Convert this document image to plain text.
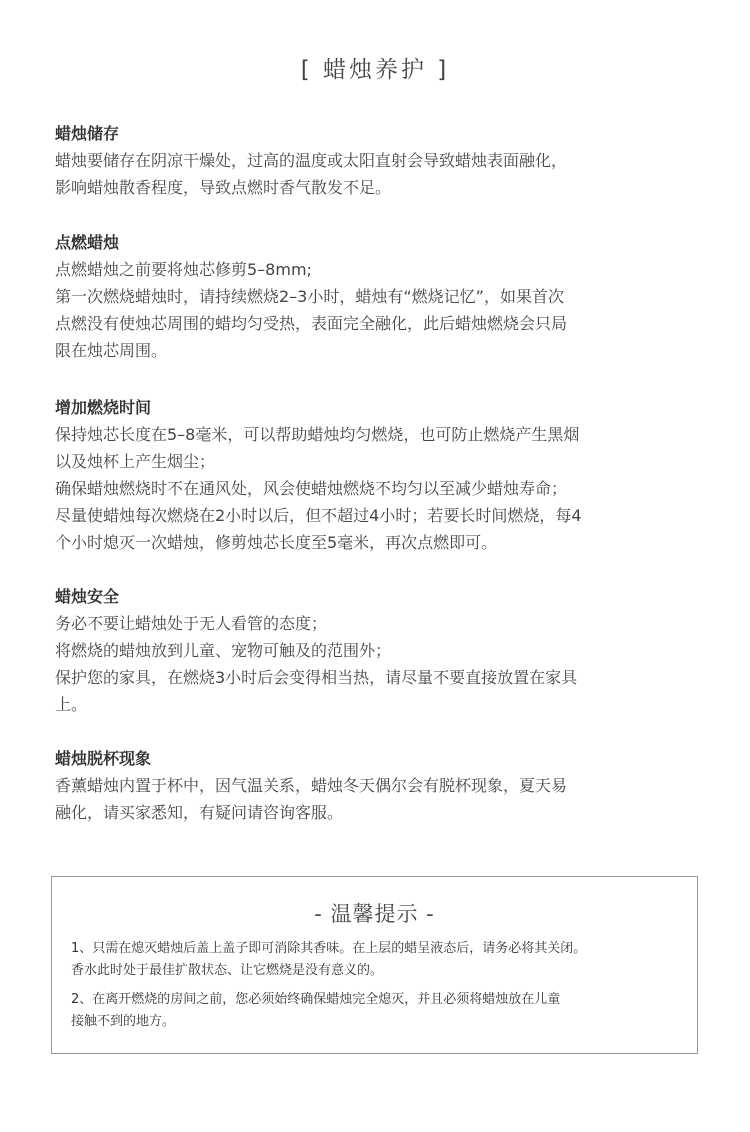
[ 蜡烛养护 ]
蜡烛储存
蜡烛要储存在阴凉干燥处，过高的温度或太阳直射会导致蜡烛表面融化，
影响蜡烛散香程度，导致点燃时香气散发不足。
点燃蜡烛
点燃蜡烛之前要将烛芯修剪5–8mm;
第一次燃烧蜡烛时，请持续燃烧2–3小时，蜡烛有“燃烧记忆”，如果首次
点燃没有使烛芯周围的蜡均匀受热，表面完全融化，此后蜡烛燃烧会只局
限在烛芯周围。
增加燃烧时间
保持烛芯长度在5–8毫米，可以帮助蜡烛均匀燃烧，也可防止燃烧产生黑烟
以及烛杯上产生烟尘；
确保蜡烛燃烧时不在通风处，风会使蜡烛燃烧不均匀以至减少蜡烛寿命；
尽量使蜡烛每次燃烧在2小时以后，但不超过4小时；若要长时间燃烧，每4
个小时熄灭一次蜡烛，修剪烛芯长度至5毫米，再次点燃即可。
蜡烛安全
务必不要让蜡烛处于无人看管的态度；
将燃烧的蜡烛放到儿童、宠物可触及的范围外；
保护您的家具，在燃烧3小时后会变得相当热，请尽量不要直接放置在家具
上。
蜡烛脱杯现象
香薰蜡烛内置于杯中，因气温关系，蜡烛冬天偶尔会有脱杯现象，夏天易
融化，请买家悉知，有疑问请咨询客服。
- 温馨提示 -
1、只需在熄灭蜡烛后盖上盖子即可消除其香味。在上层的蜡呈液态后，请务必将其关闭。
香水此时处于最佳扩散状态、让它燃烧是没有意义的。
2、在离开燃烧的房间之前，您必须始终确保蜡烛完全熄灭，并且必须将蜡烛放在儿童
接触不到的地方。
